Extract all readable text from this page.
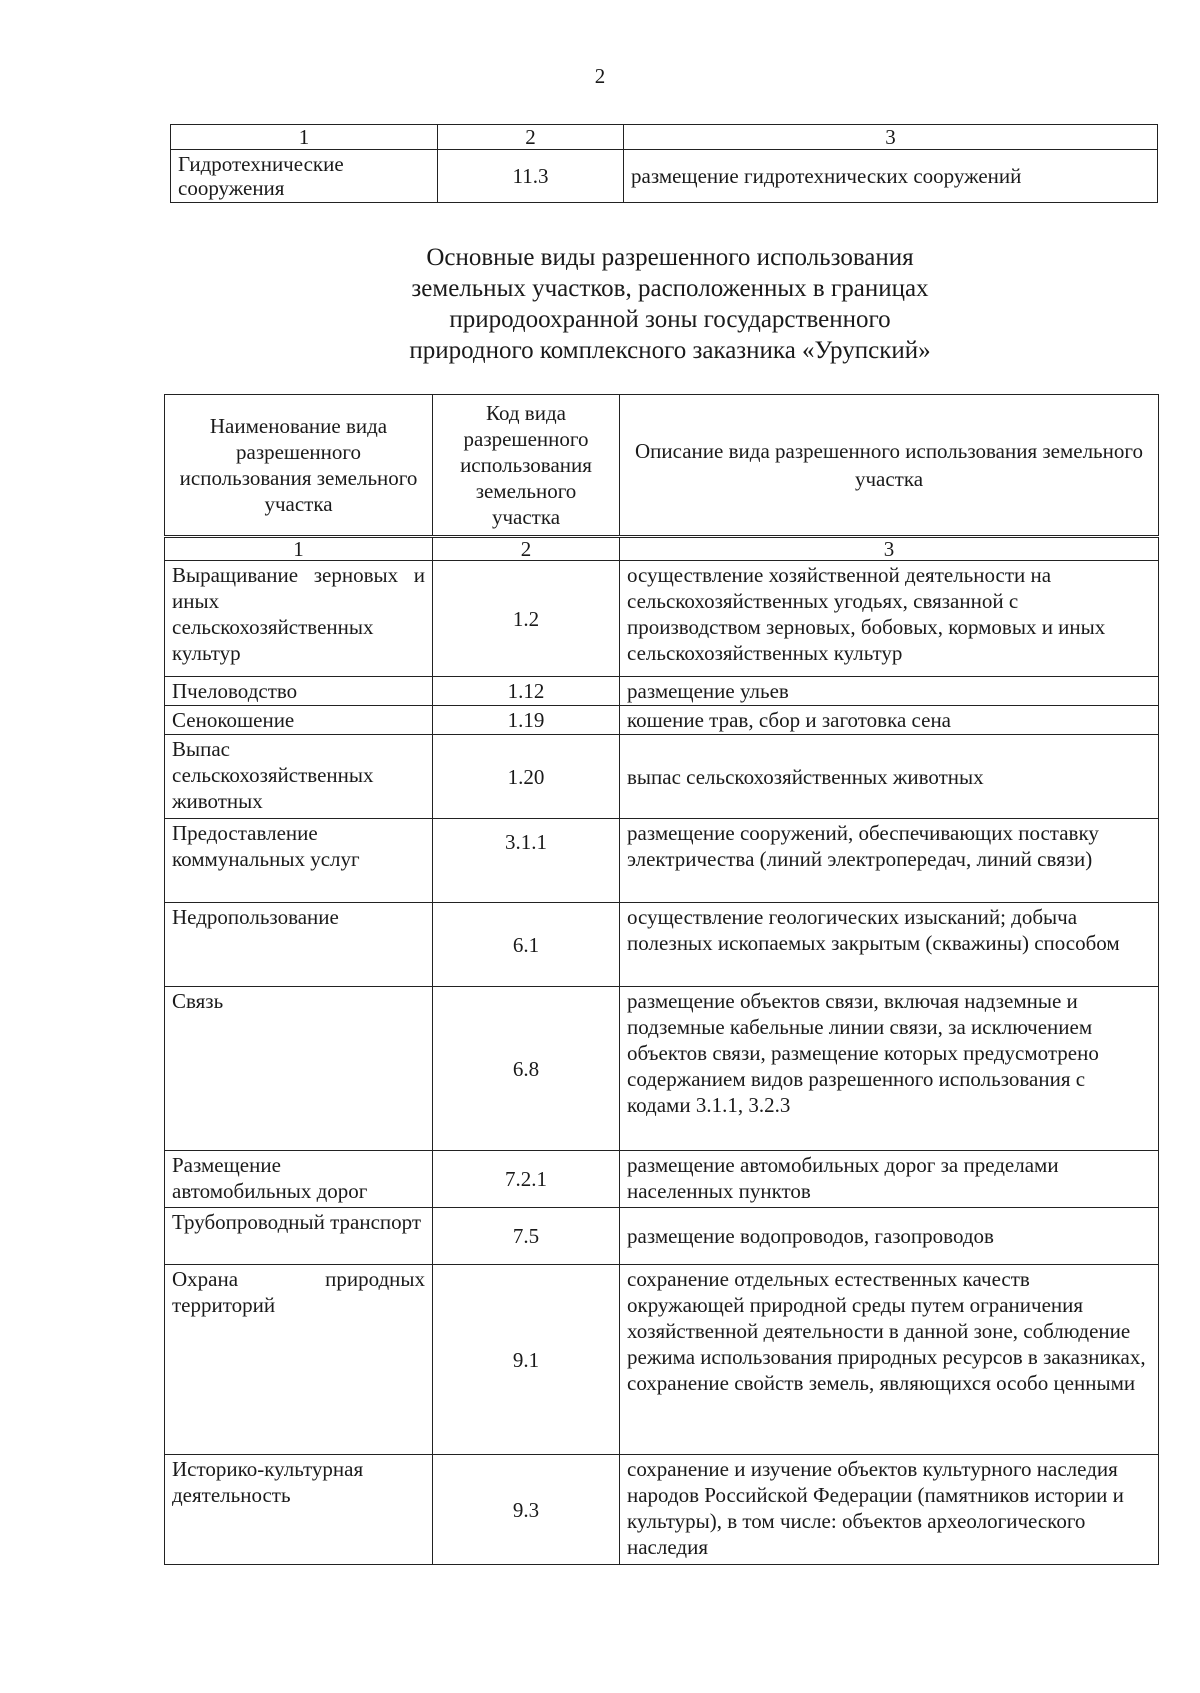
2
1	2	3
Гидротехнические сооружения	11.3	размещение гидротехнических сооружений
Основные виды разрешенного использования
земельных участков, расположенных в границах
природоохранной зоны государственного
природного комплексного заказника «Урупский»
Наименование вида разрешенного использования земельного участка	Код вида разрешенного использования земельного участка	Описание вида разрешенного использования земельного участка
1	2	3
Выращивание зерновых и иных сельскохозяйственных культур	1.2	осуществление хозяйственной деятельности на сельскохозяйственных угодьях, связанной с производством зерновых, бобовых, кормовых и иных сельскохозяйственных культур
Пчеловодство	1.12	размещение ульев
Сенокошение	1.19	кошение трав, сбор и заготовка сена
Выпас сельскохозяйственных животных	1.20	выпас сельскохозяйственных животных
Предоставление коммунальных услуг	3.1.1	размещение сооружений, обеспечивающих поставку электричества (линий электропередач, линий связи)
Недропользование	6.1	осуществление геологических изысканий; добыча полезных ископаемых закрытым (скважины) способом
Связь	6.8	размещение объектов связи, включая надземные и подземные кабельные линии связи, за исключением объектов связи, размещение которых предусмотрено содержанием видов разрешенного использования с кодами 3.1.1, 3.2.3
Размещение автомобильных дорог	7.2.1	размещение автомобильных дорог за пределами населенных пунктов
Трубопроводный транспорт	7.5	размещение водопроводов, газопроводов
Охрана природных территорий	9.1	сохранение отдельных естественных качеств окружающей природной среды путем ограничения хозяйственной деятельности в данной зоне, соблюдение режима использования природных ресурсов в заказниках, сохранение свойств земель, являющихся особо ценными
Историко-культурная деятельность	9.3	сохранение и изучение объектов культурного наследия народов Российской Федерации (памятников истории и культуры), в том числе: объектов археологического наследия
